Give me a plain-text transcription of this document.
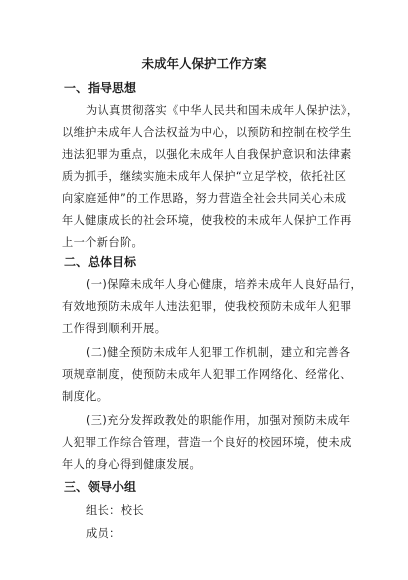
未成年人保护工作方案
一、指导思想

为认真贯彻落实《中华人民共和国未成年人保护法》，

以维护未成年人合法权益为中心，以预防和控制在校学生

违法犯罪为重点，以强化未成年人自我保护意识和法律素

质为抓手，继续实施未成年人保护“立足学校，依托社区

向家庭延伸”的工作思路，努力营造全社会共同关心未成

年人健康成长的社会环境，使我校的未成年人保护工作再

上一个新台阶。

二、总体目标

(一)保障未成年人身心健康，培养未成年人良好品行，

有效地预防未成年人违法犯罪，使我校预防未成年人犯罪

工作得到顺利开展。

(二)健全预防未成年人犯罪工作机制，建立和完善各

项规章制度，使预防未成年人犯罪工作网络化、经常化、

制度化。

(三)充分发挥政教处的职能作用，加强对预防未成年

人犯罪工作综合管理，营造一个良好的校园环境，使未成

年人的身心得到健康发展。

三、领导小组

组长：校长

成员：
